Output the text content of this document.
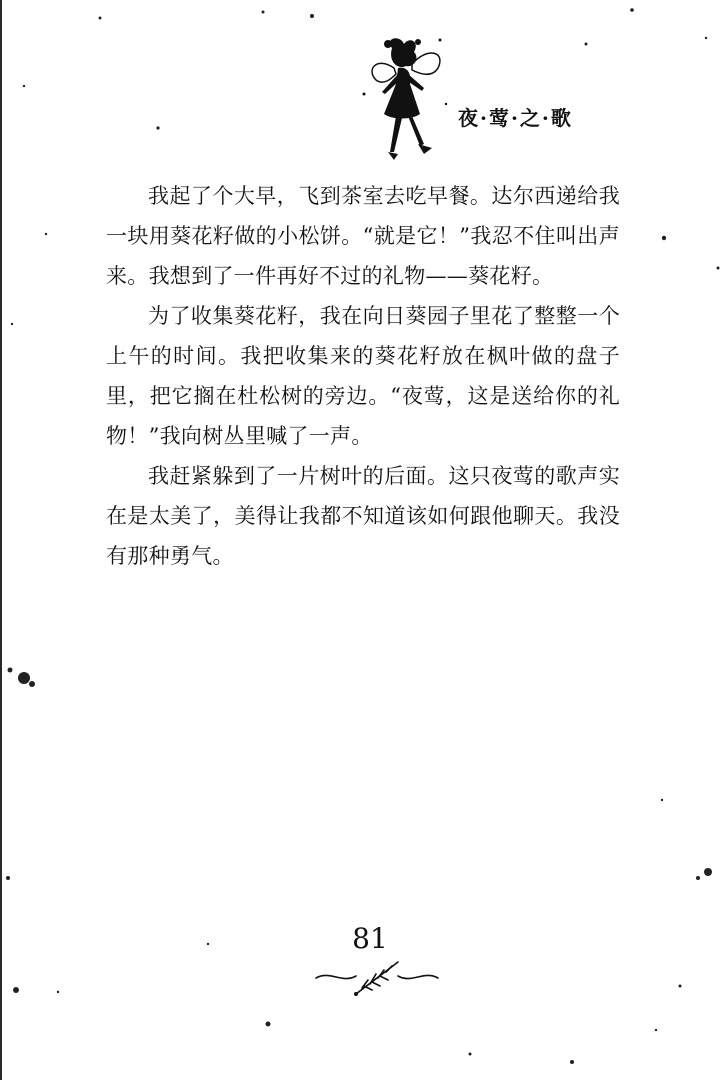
夜·莺·之·歌

我起了个大早，飞到茶室去吃早餐。达尔西递给我一块用葵花籽做的小松饼。“就是它！”我忍不住叫出声来。我想到了一件再好不过的礼物——葵花籽。

为了收集葵花籽，我在向日葵园子里花了整整一个上午的时间。我把收集来的葵花籽放在枫叶做的盘子里，把它搁在杜松树的旁边。“夜莺，这是送给你的礼物！”我向树丛里喊了一声。

我赶紧躲到了一片树叶的后面。这只夜莺的歌声实在是太美了，美得让我都不知道该如何跟他聊天。我没有那种勇气。

81
